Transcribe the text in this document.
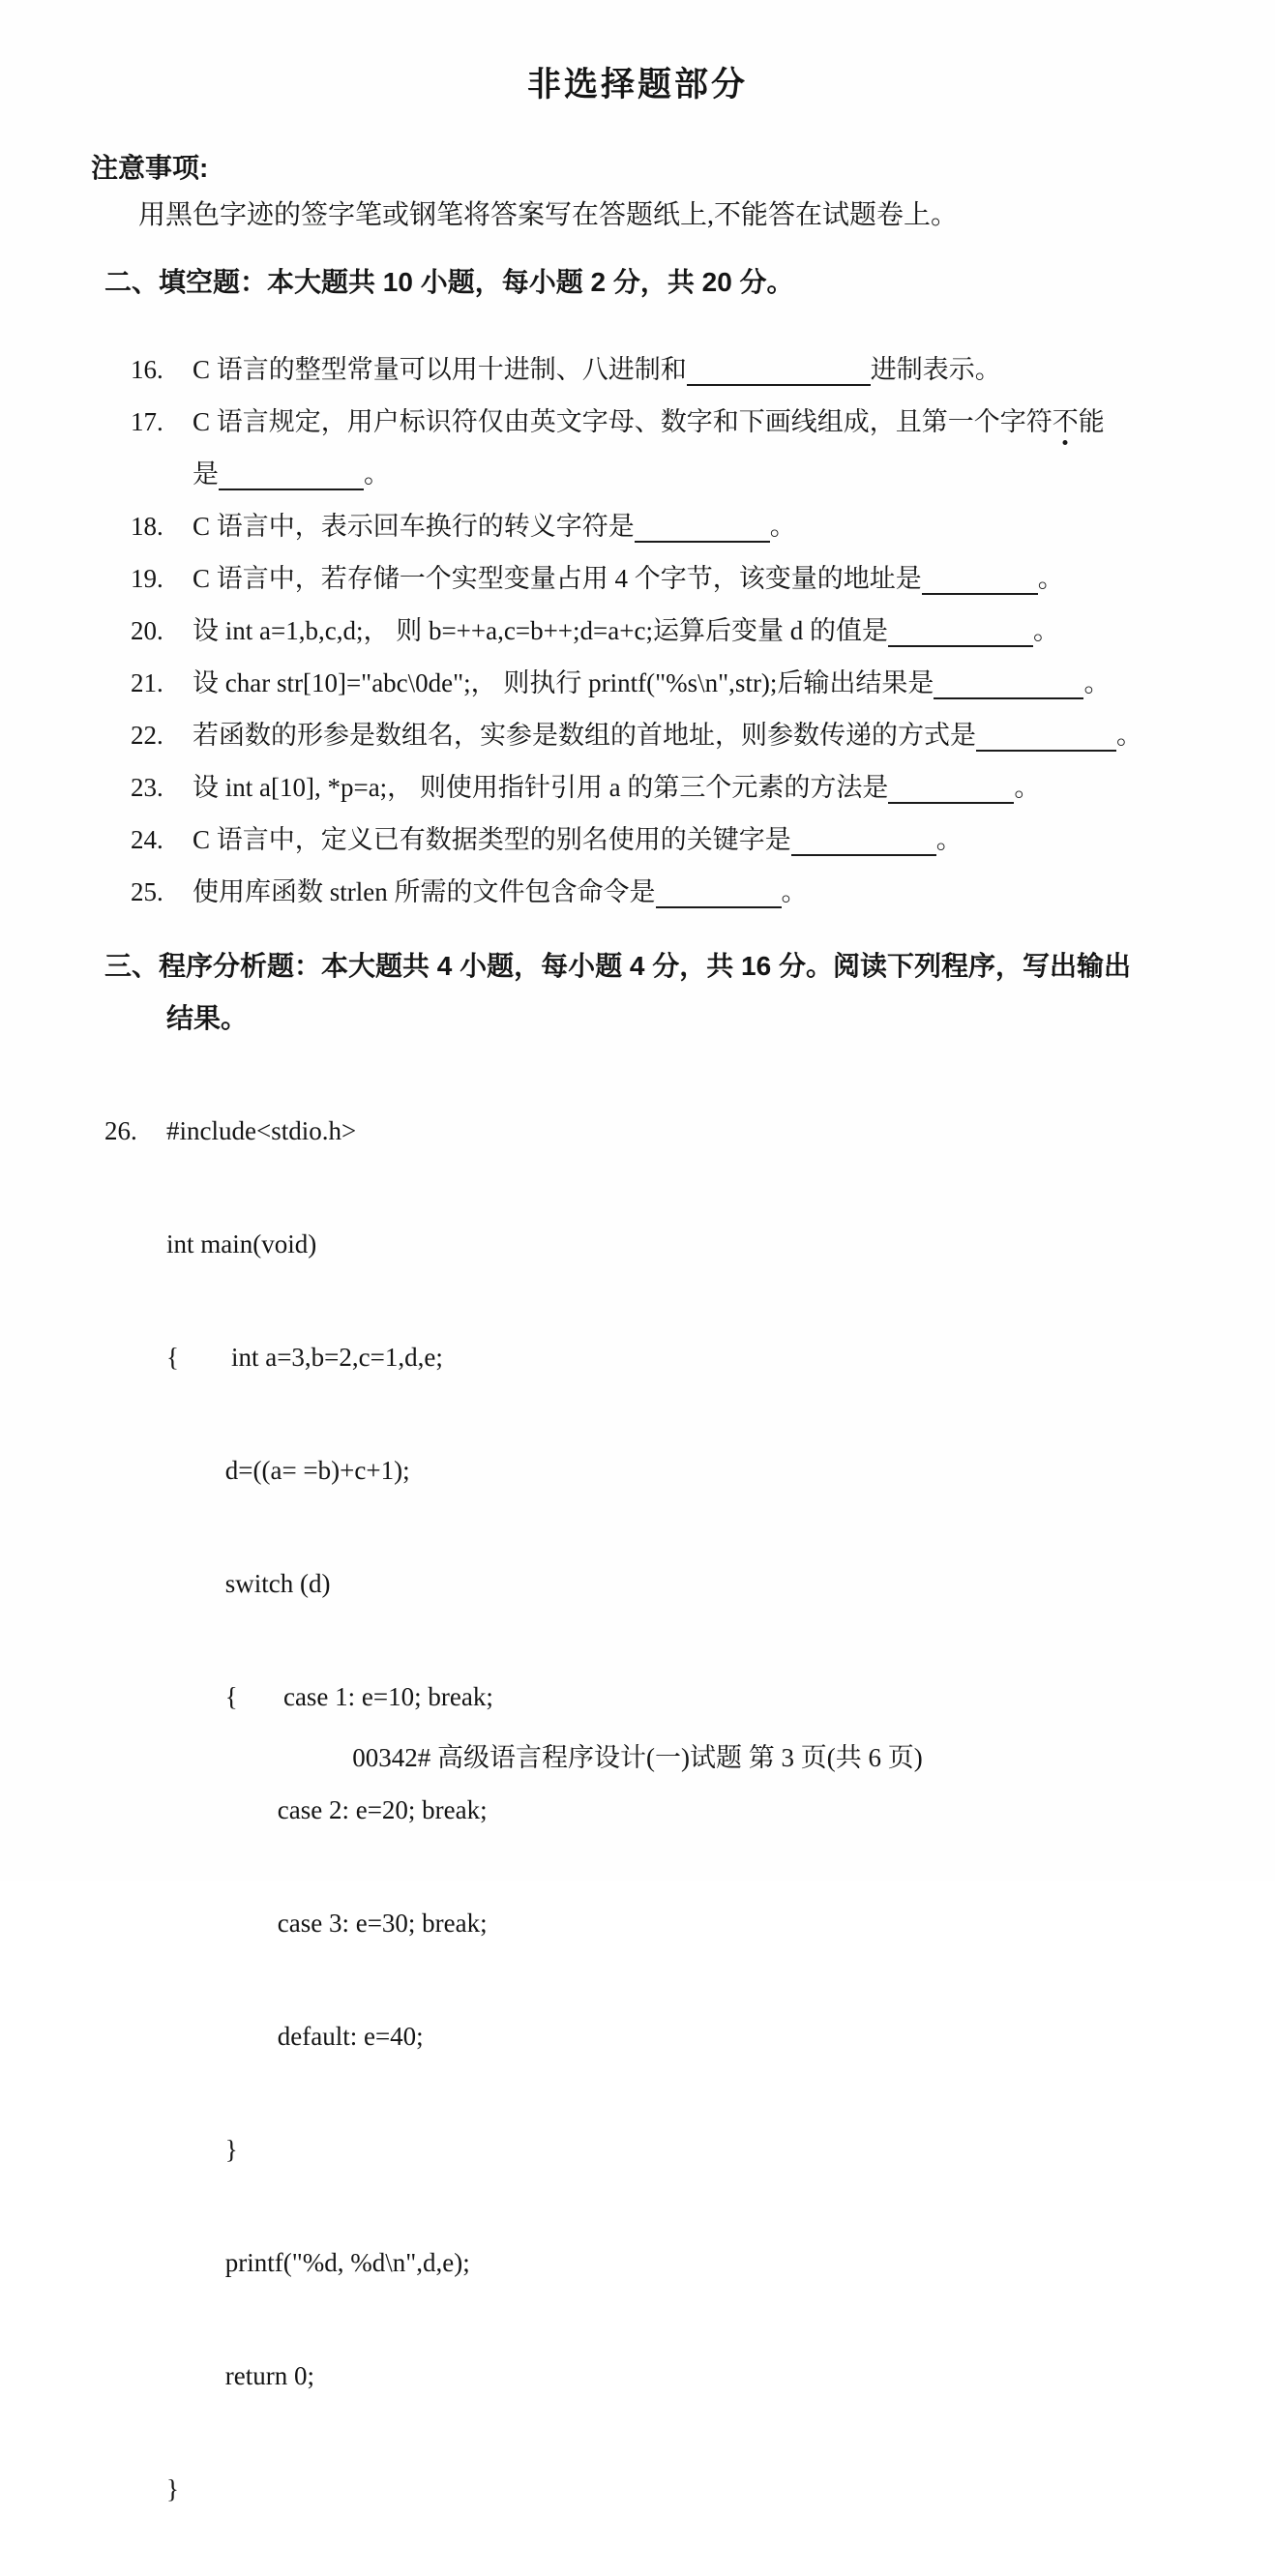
非选择题部分
注意事项:
用黑色字迹的签字笔或钢笔将答案写在答题纸上,不能答在试题卷上。
二、填空题：本大题共 10 小题，每小题 2 分，共 20 分。

16. C 语言的整型常量可以用十进制、八进制和	进制表示。

17. C 语言规定，用户标识符仅由英文字母、数字和下画线组成，且第一个字符不能

是	。

18. C 语言中，表示回车换行的转义字符是	。

19. C 语言中，若存储一个实型变量占用 4 个字节，该变量的地址是	。

20. 设 int a=1,b,c,d;， 则 b=++a,c=b++;d=a+c;运算后变量 d 的值是	。

21. 设 char str[10]="abc\0de";， 则执行 printf("%s\n",str);后输出结果是	。

22. 若函数的形参是数组名，实参是数组的首地址，则参数传递的方式是	。

23. 设 int a[10], *p=a;， 则使用指针引用 a 的第三个元素的方法是	。

24. C 语言中，定义已有数据类型的别名使用的关键字是	。

25. 使用库函数 strlen 所需的文件包含命令是	。

三、程序分析题：本大题共 4 小题，每小题 4 分，共 16 分。阅读下列程序，写出输出
结果。

26. #include<stdio.h>

int main(void)

{        int a=3,b=2,c=1,d,e;

d=((a= =b)+c+1);

switch (d)

{       case 1: e=10; break;

case 2: e=20; break;

case 3: e=30; break;

default: e=40;

}

printf("%d, %d\n",d,e);

return 0;

}

00342# 高级语言程序设计(一)试题 第 3 页(共 6 页)
